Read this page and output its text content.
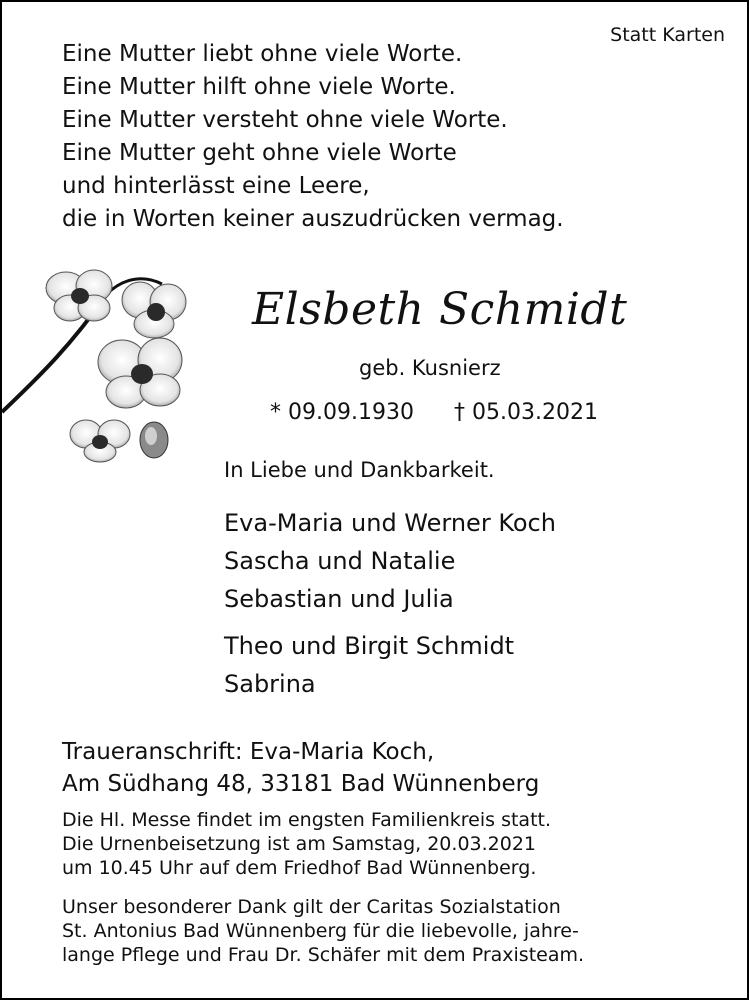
Statt Karten
Eine Mutter liebt ohne viele Worte.
Eine Mutter hilft ohne viele Worte.
Eine Mutter versteht ohne viele Worte.
Eine Mutter geht ohne viele Worte
und hinterlässt eine Leere,
die in Worten keiner auszudrücken vermag.
Elsbeth Schmidt
geb. Kusnierz
* 09.09.1930 † 05.03.2021
In Liebe und Dankbarkeit.
Eva-Maria und Werner Koch
Sascha und Natalie
Sebastian und Julia
Theo und Birgit Schmidt
Sabrina
Traueranschrift: Eva-Maria Koch,
Am Südhang 48, 33181 Bad Wünnenberg
Die Hl. Messe findet im engsten Familienkreis statt.
Die Urnenbeisetzung ist am Samstag, 20.03.2021
um 10.45 Uhr auf dem Friedhof Bad Wünnenberg.
Unser besonderer Dank gilt der Caritas Sozialstation
St. Antonius Bad Wünnenberg für die liebevolle, jahre-
lange Pflege und Frau Dr. Schäfer mit dem Praxisteam.
